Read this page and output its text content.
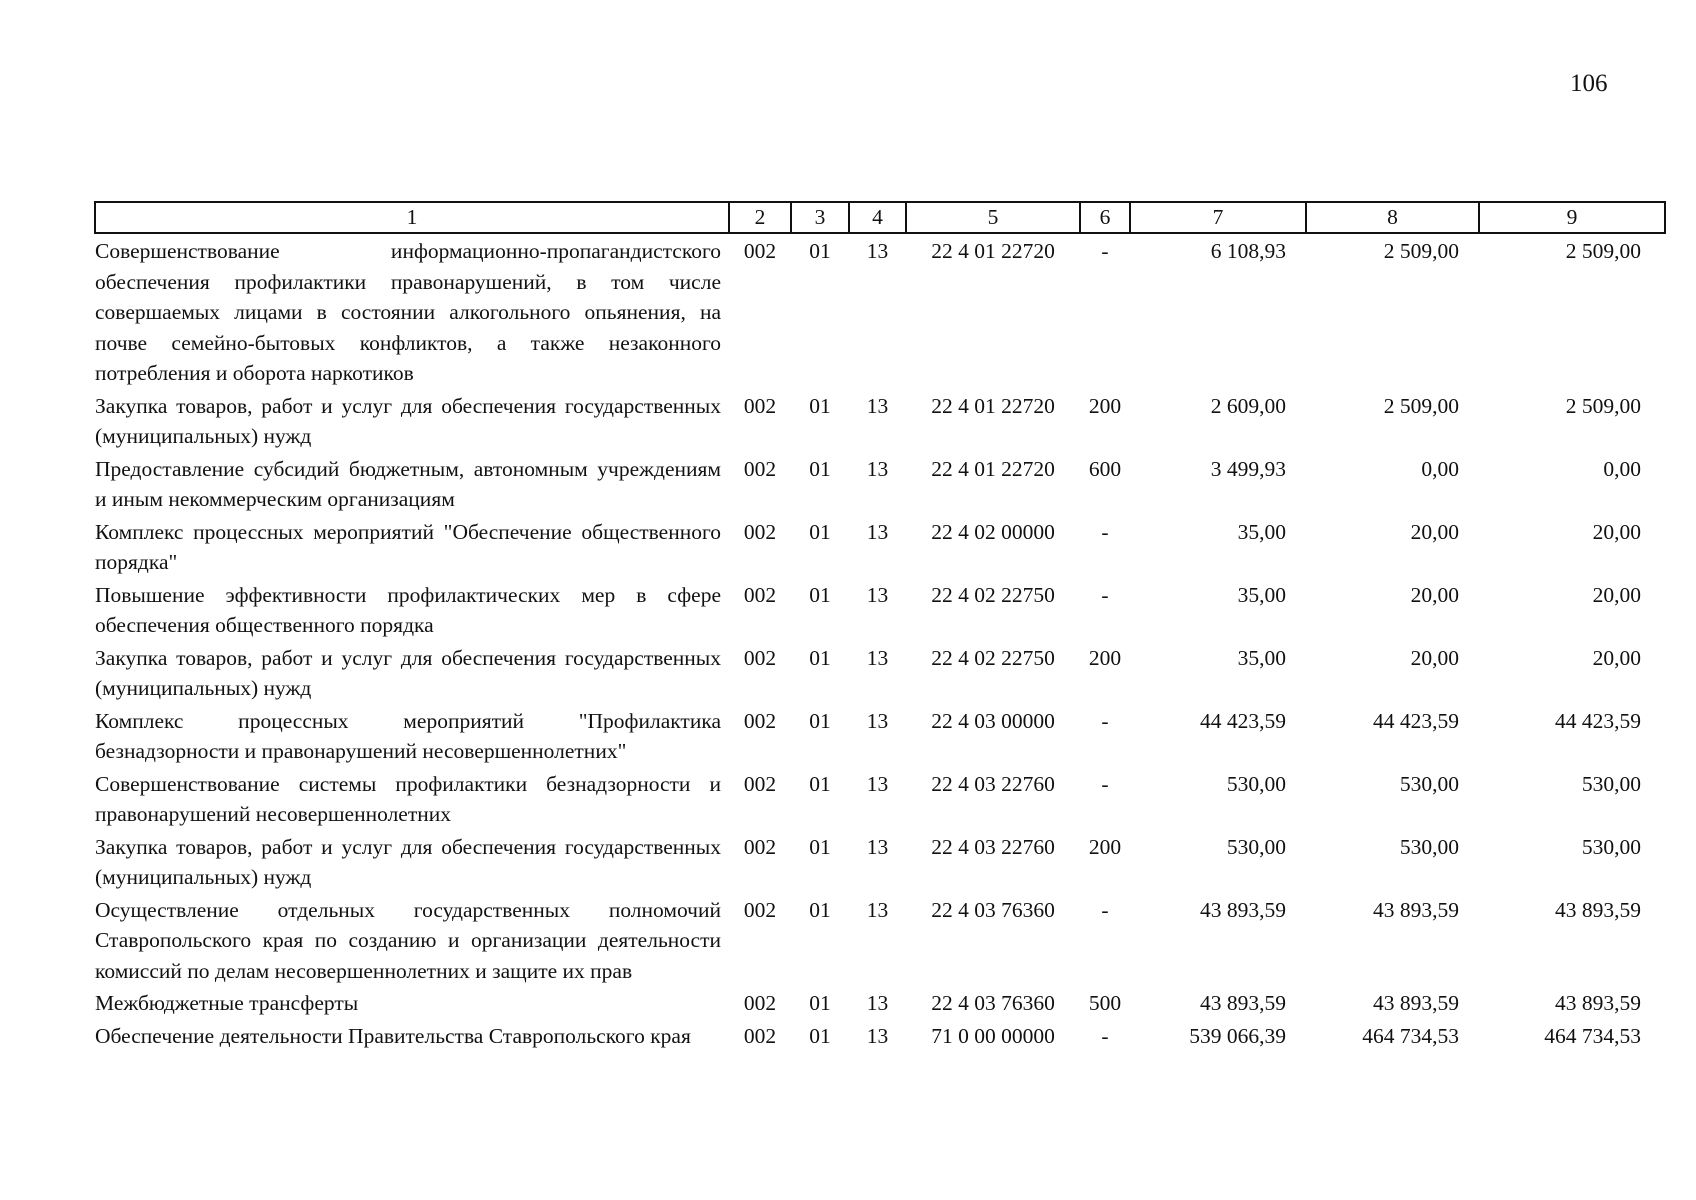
106
1	2	3	4	5	6	7	8	9
Совершенствование информационно-пропагандистского обеспечения профилактики правонарушений, в том числе совершаемых лицами в состоянии алкогольного опьянения, на почве семейно-бытовых конфликтов, а также незаконного потребления и оборота наркотиков	002	01	13	22 4 01 22720	-	6 108,93	2 509,00	2 509,00
Закупка товаров, работ и услуг для обеспечения государственных (муниципальных) нужд	002	01	13	22 4 01 22720	200	2 609,00	2 509,00	2 509,00
Предоставление субсидий бюджетным, автономным учреждениям и иным некоммерческим организациям	002	01	13	22 4 01 22720	600	3 499,93	0,00	0,00
Комплекс процессных мероприятий "Обеспечение общественного порядка"	002	01	13	22 4 02 00000	-	35,00	20,00	20,00
Повышение эффективности профилактических мер в сфере обеспечения общественного порядка	002	01	13	22 4 02 22750	-	35,00	20,00	20,00
Закупка товаров, работ и услуг для обеспечения государственных (муниципальных) нужд	002	01	13	22 4 02 22750	200	35,00	20,00	20,00
Комплекс процессных мероприятий "Профилактика безнадзорности и правонарушений несовершеннолетних"	002	01	13	22 4 03 00000	-	44 423,59	44 423,59	44 423,59
Совершенствование системы профилактики безнадзорности и правонарушений несовершеннолетних	002	01	13	22 4 03 22760	-	530,00	530,00	530,00
Закупка товаров, работ и услуг для обеспечения государственных (муниципальных) нужд	002	01	13	22 4 03 22760	200	530,00	530,00	530,00
Осуществление отдельных государственных полномочий Ставропольского края по созданию и организации деятельности комиссий по делам несовершеннолетних и защите их прав	002	01	13	22 4 03 76360	-	43 893,59	43 893,59	43 893,59
Межбюджетные трансферты	002	01	13	22 4 03 76360	500	43 893,59	43 893,59	43 893,59
Обеспечение деятельности Правительства Ставропольского края	002	01	13	71 0 00 00000	-	539 066,39	464 734,53	464 734,53
